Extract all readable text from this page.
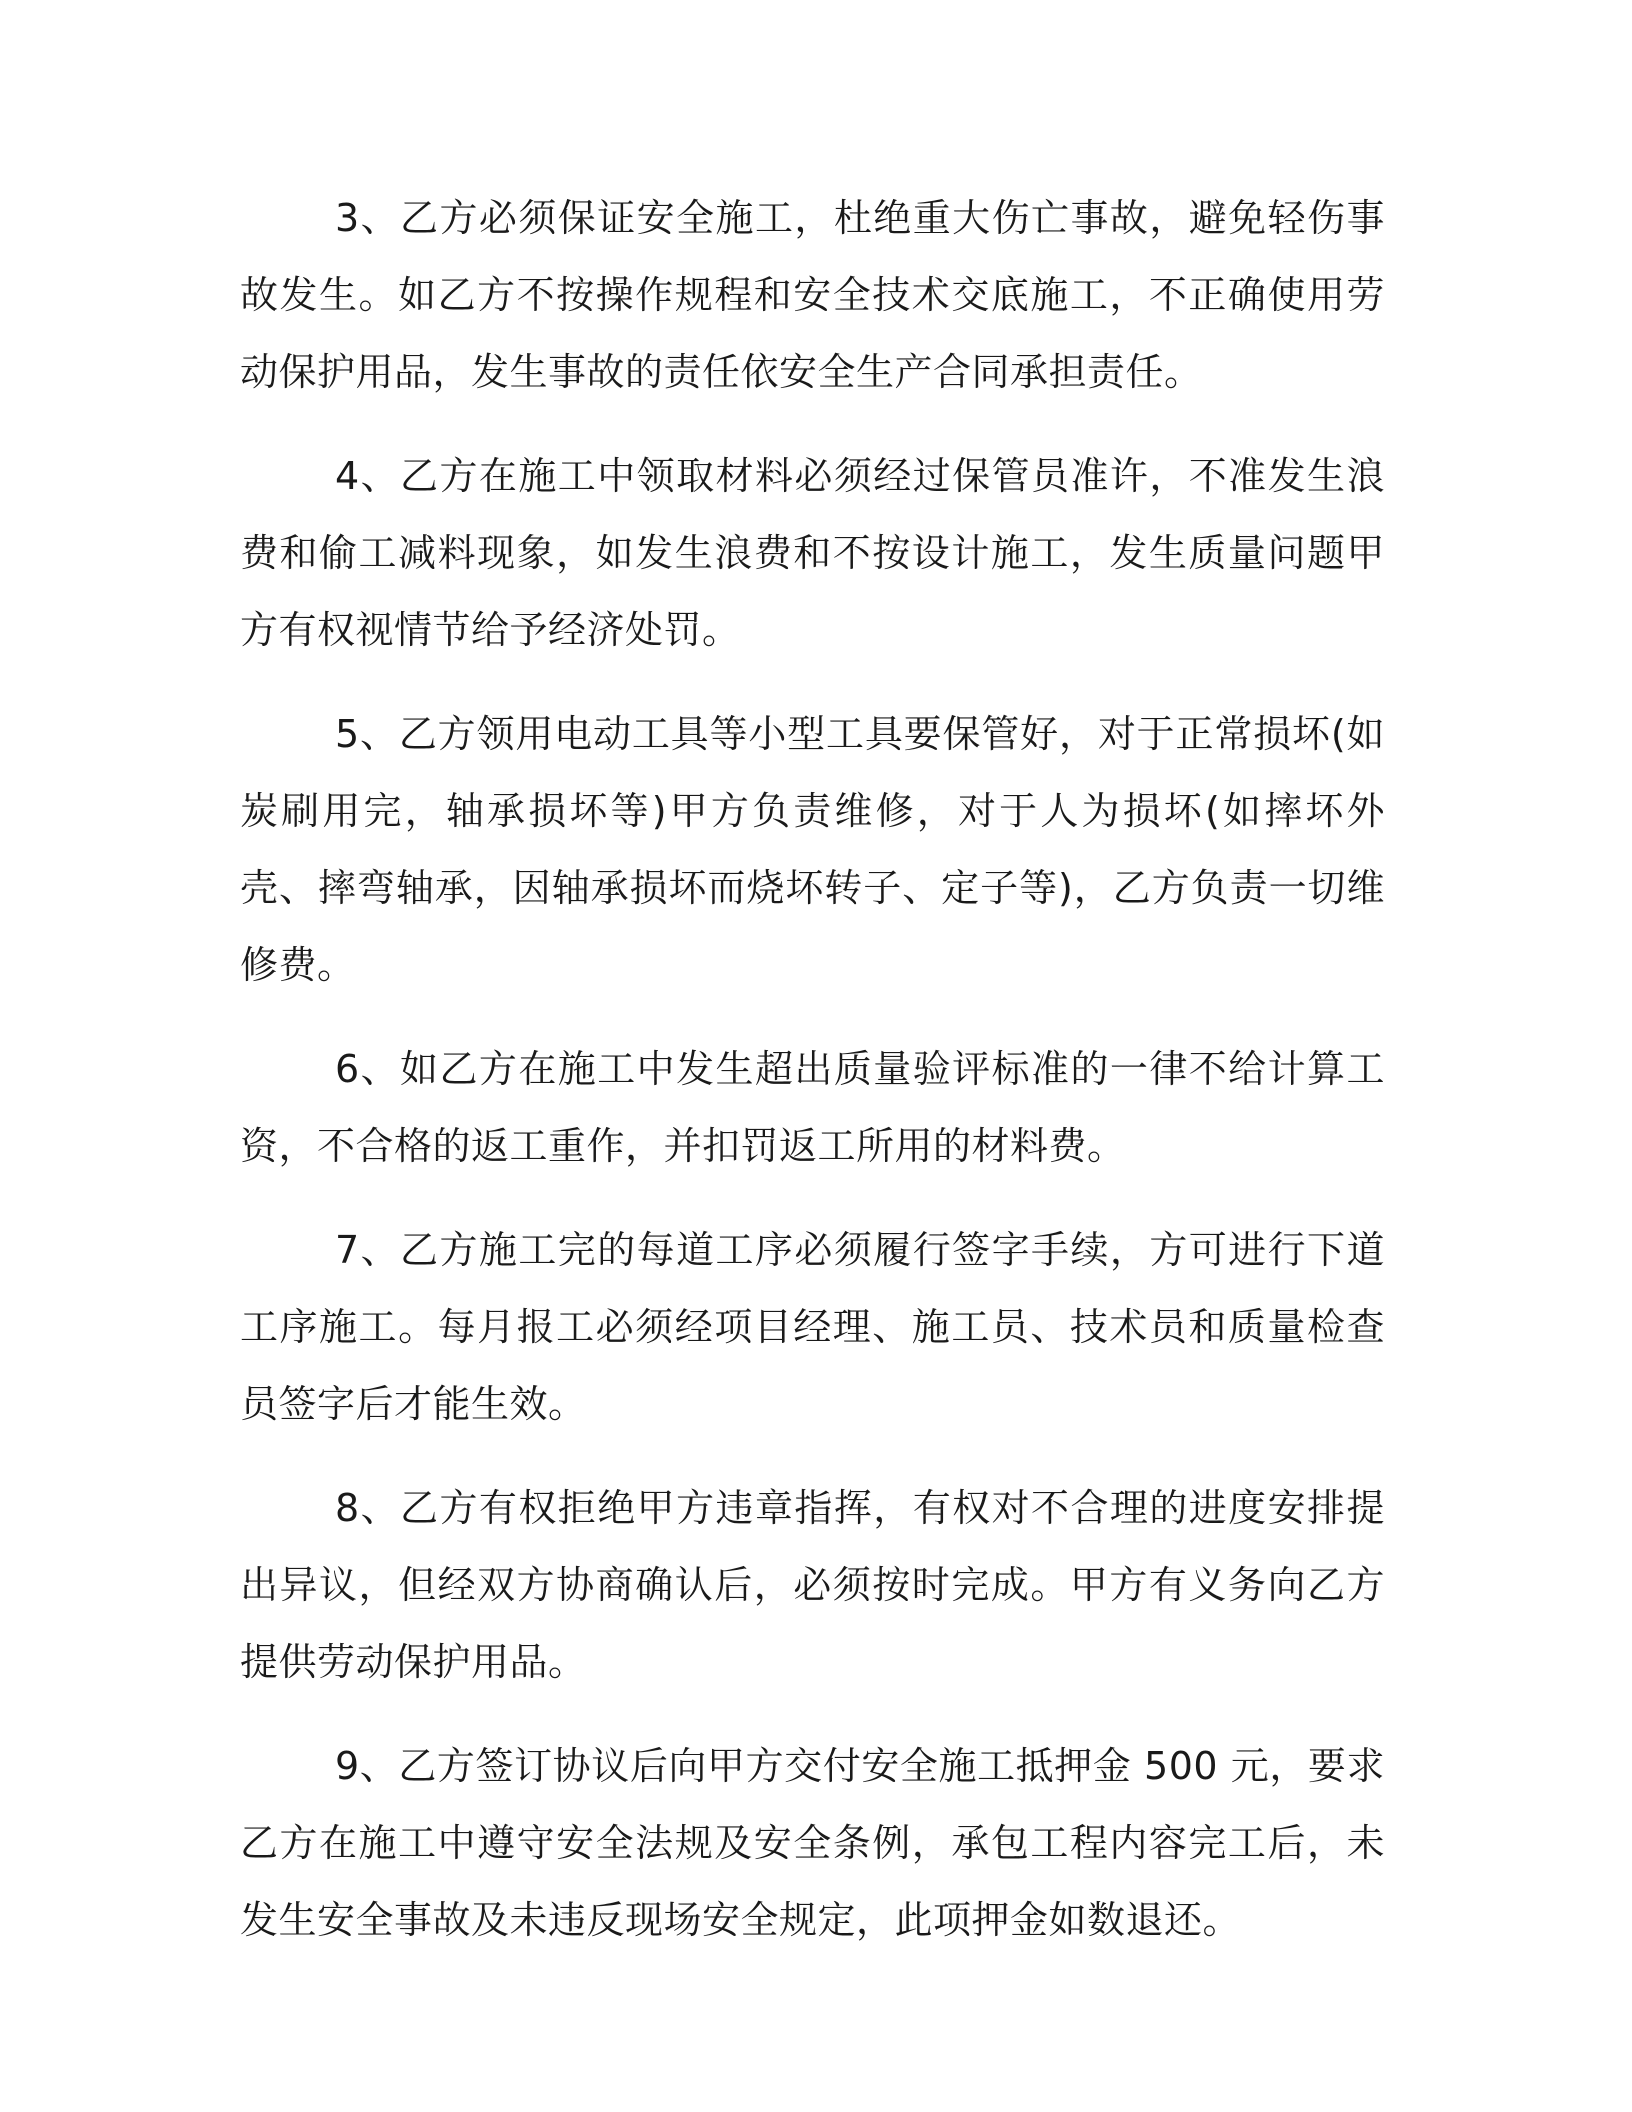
3、乙方必须保证安全施工，杜绝重大伤亡事故，避免轻伤事故发生。如乙方不按操作规程和安全技术交底施工，不正确使用劳动保护用品，发生事故的责任依安全生产合同承担责任。

4、乙方在施工中领取材料必须经过保管员准许，不准发生浪费和偷工减料现象，如发生浪费和不按设计施工，发生质量问题甲方有权视情节给予经济处罚。

5、乙方领用电动工具等小型工具要保管好，对于正常损坏(如炭刷用完，轴承损坏等)甲方负责维修，对于人为损坏(如摔坏外壳、摔弯轴承，因轴承损坏而烧坏转子、定子等)，乙方负责一切维修费。

6、如乙方在施工中发生超出质量验评标准的一律不给计算工资，不合格的返工重作，并扣罚返工所用的材料费。

7、乙方施工完的每道工序必须履行签字手续，方可进行下道工序施工。每月报工必须经项目经理、施工员、技术员和质量检查员签字后才能生效。

8、乙方有权拒绝甲方违章指挥，有权对不合理的进度安排提出异议，但经双方协商确认后，必须按时完成。甲方有义务向乙方提供劳动保护用品。

9、乙方签订协议后向甲方交付安全施工抵押金 500 元，要求乙方在施工中遵守安全法规及安全条例，承包工程内容完工后，未发生安全事故及未违反现场安全规定，此项押金如数退还。
